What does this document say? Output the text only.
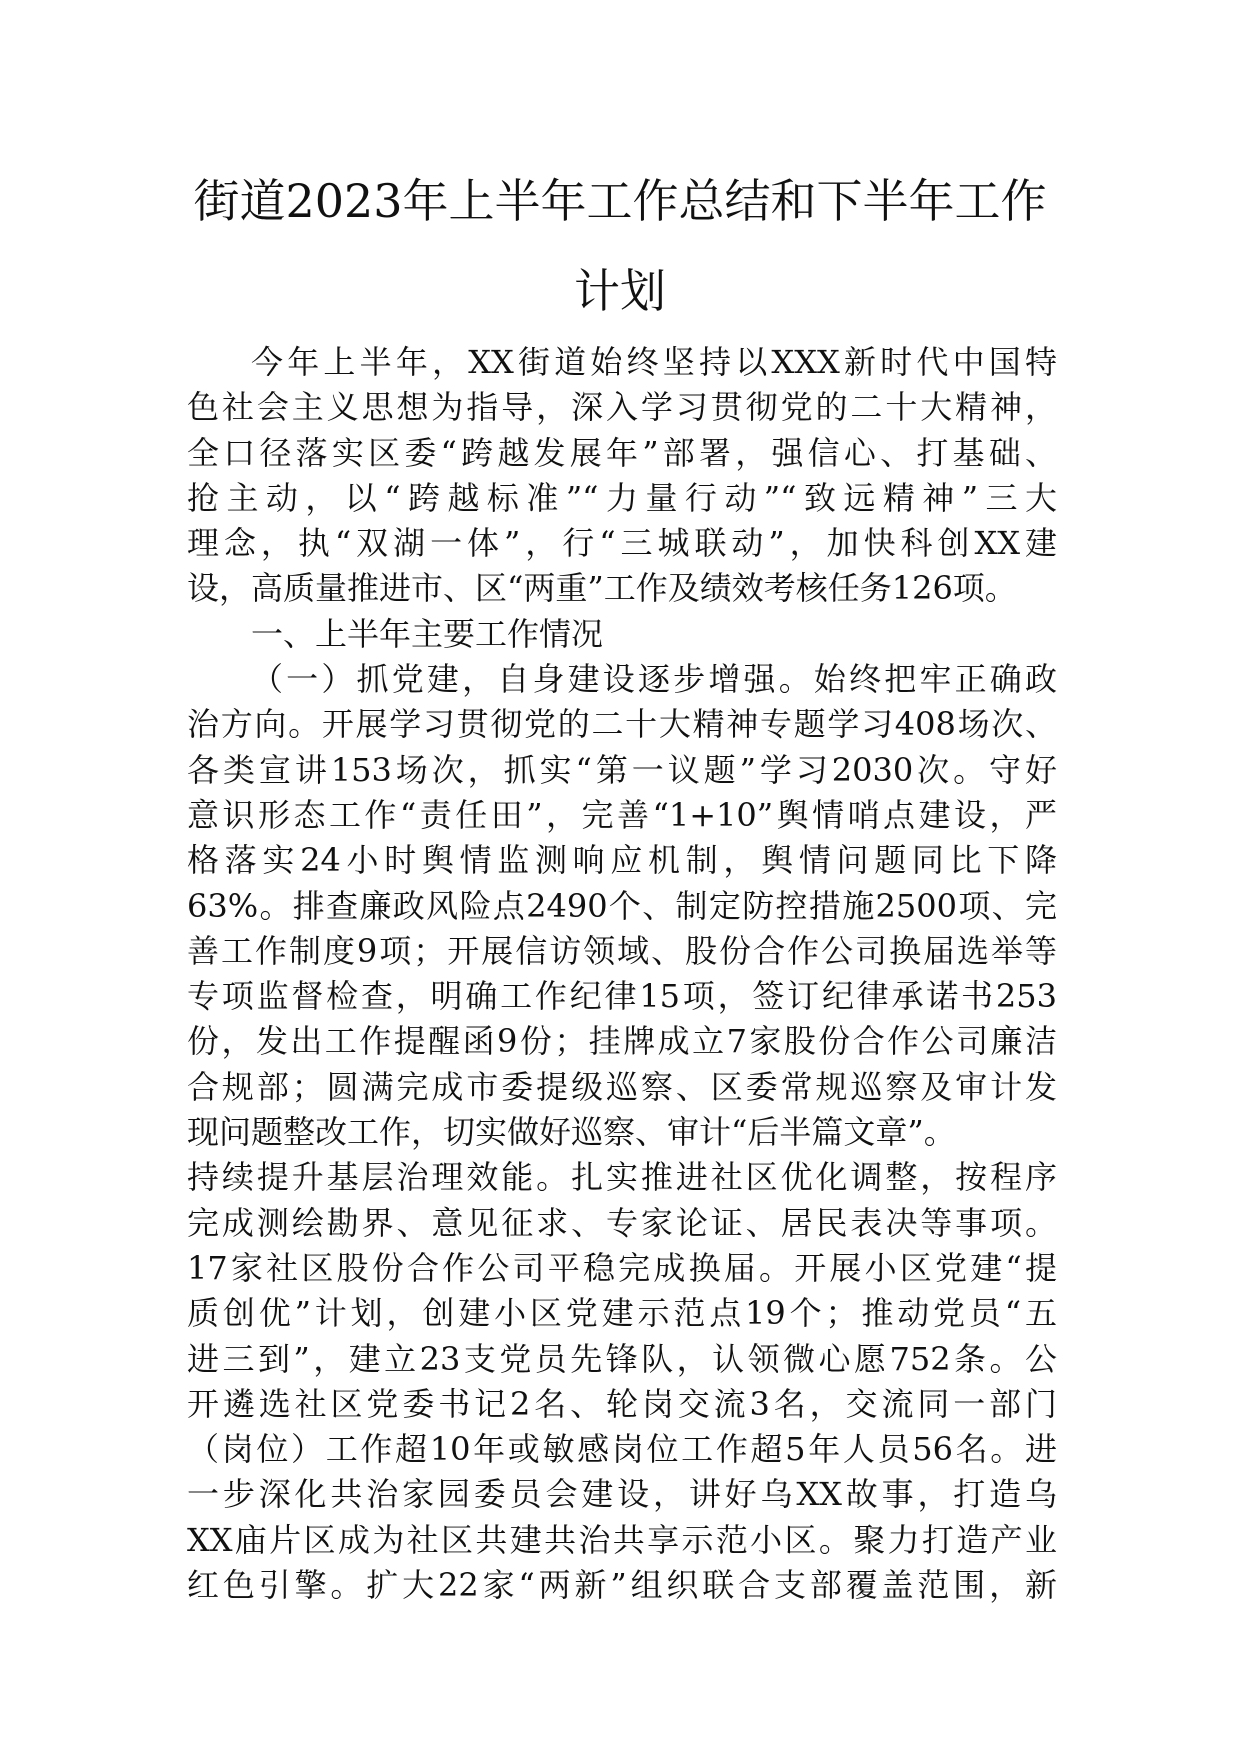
街道2023年上半年工作总结和下半年工作
计划
今年上半年，XX街道始终坚持以XXX新时代中国特
色社会主义思想为指导，深入学习贯彻党的二十大精神，
全口径落实区委“跨越发展年”部署，强信心、打基础、
抢主动，以“跨越标准”“力量行动”“致远精神”三大
理念，执“双湖一体”，行“三城联动”，加快科创XX建
设，高质量推进市、区“两重”工作及绩效考核任务126项。
一、上半年主要工作情况
（一）抓党建，自身建设逐步增强。始终把牢正确政
治方向。开展学习贯彻党的二十大精神专题学习408场次、
各类宣讲153场次，抓实“第一议题”学习2030次。守好
意识形态工作“责任田”，完善“1+10”舆情哨点建设，严
格落实24小时舆情监测响应机制，舆情问题同比下降
63%。排查廉政风险点2490个、制定防控措施2500项、完
善工作制度9项；开展信访领域、股份合作公司换届选举等
专项监督检查，明确工作纪律15项，签订纪律承诺书253
份，发出工作提醒函9份；挂牌成立7家股份合作公司廉洁
合规部；圆满完成市委提级巡察、区委常规巡察及审计发
现问题整改工作，切实做好巡察、审计“后半篇文章”。
持续提升基层治理效能。扎实推进社区优化调整，按程序
完成测绘勘界、意见征求、专家论证、居民表决等事项。
17家社区股份合作公司平稳完成换届。开展小区党建“提
质创优”计划，创建小区党建示范点19个；推动党员“五
进三到”，建立23支党员先锋队，认领微心愿752条。公
开遴选社区党委书记2名、轮岗交流3名，交流同一部门
（岗位）工作超10年或敏感岗位工作超5年人员56名。进
一步深化共治家园委员会建设，讲好乌XX故事，打造乌
XX庙片区成为社区共建共治共享示范小区。聚力打造产业
红色引擎。扩大22家“两新”组织联合支部覆盖范围，新
